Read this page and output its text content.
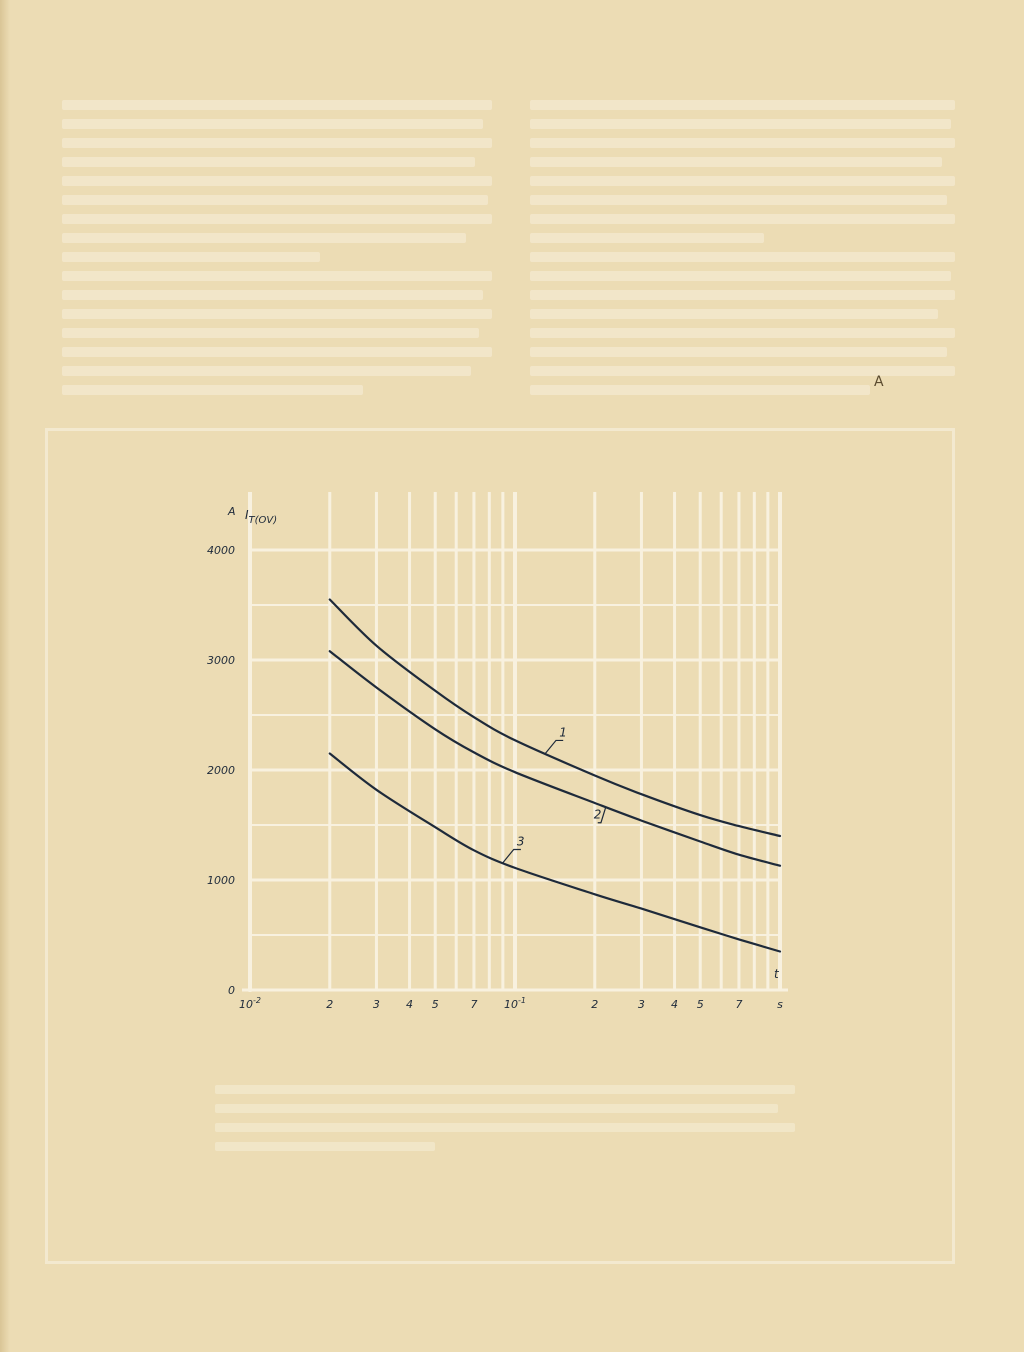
A
0
1000
2000
3000
4000
$10^{-2}$	2	3 4 5	7 $10^{-1}$	2	3 4 5	7	s
A $I_{T(OV)}$
t
1
2
3
